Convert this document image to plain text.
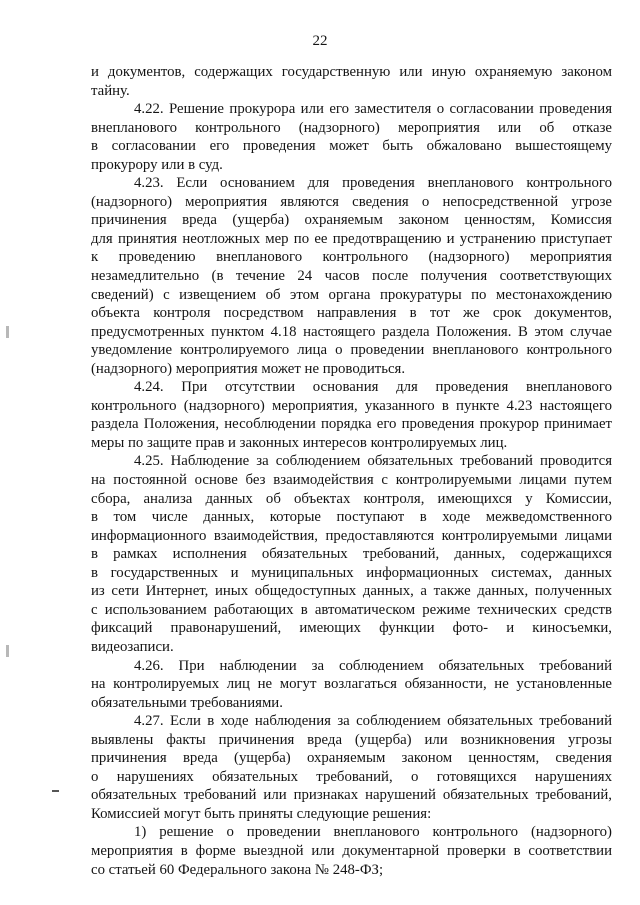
22
и документов, содержащих государственную или иную охраняемую законом
тайну.
4.22. Решение прокурора или его заместителя о согласовании проведения
внепланового контрольного (надзорного) мероприятия или об отказе
в согласовании его проведения может быть обжаловано вышестоящему
прокурору или в суд.
4.23. Если основанием для проведения внепланового контрольного
(надзорного) мероприятия являются сведения о непосредственной угрозе
причинения вреда (ущерба) охраняемым законом ценностям, Комиссия
для принятия неотложных мер по ее предотвращению и устранению приступает
к проведению внепланового контрольного (надзорного) мероприятия
незамедлительно (в течение 24 часов после получения соответствующих
сведений) с извещением об этом органа прокуратуры по местонахождению
объекта контроля посредством направления в тот же срок документов,
предусмотренных пунктом 4.18 настоящего раздела Положения. В этом случае
уведомление контролируемого лица о проведении внепланового контрольного
(надзорного) мероприятия может не проводиться.
4.24. При отсутствии основания для проведения внепланового
контрольного (надзорного) мероприятия, указанного в пункте 4.23 настоящего
раздела Положения, несоблюдении порядка его проведения прокурор принимает
меры по защите прав и законных интересов контролируемых лиц.
4.25. Наблюдение за соблюдением обязательных требований проводится
на постоянной основе без взаимодействия с контролируемыми лицами путем
сбора, анализа данных об объектах контроля, имеющихся у Комиссии,
в том числе данных, которые поступают в ходе межведомственного
информационного взаимодействия, предоставляются контролируемыми лицами
в рамках исполнения обязательных требований, данных, содержащихся
в государственных и муниципальных информационных системах, данных
из сети Интернет, иных общедоступных данных, а также данных, полученных
с использованием работающих в автоматическом режиме технических средств
фиксаций правонарушений, имеющих функции фото- и киносъемки,
видеозаписи.
4.26. При наблюдении за соблюдением обязательных требований
на контролируемых лиц не могут возлагаться обязанности, не установленные
обязательными требованиями.
4.27. Если в ходе наблюдения за соблюдением обязательных требований
выявлены факты причинения вреда (ущерба) или возникновения угрозы
причинения вреда (ущерба) охраняемым законом ценностям, сведения
о нарушениях обязательных требований, о готовящихся нарушениях
обязательных требований или признаках нарушений обязательных требований,
Комиссией могут быть приняты следующие решения:
1) решение о проведении внепланового контрольного (надзорного)
мероприятия в форме выездной или документарной проверки в соответствии
со статьей 60 Федерального закона № 248-ФЗ;
